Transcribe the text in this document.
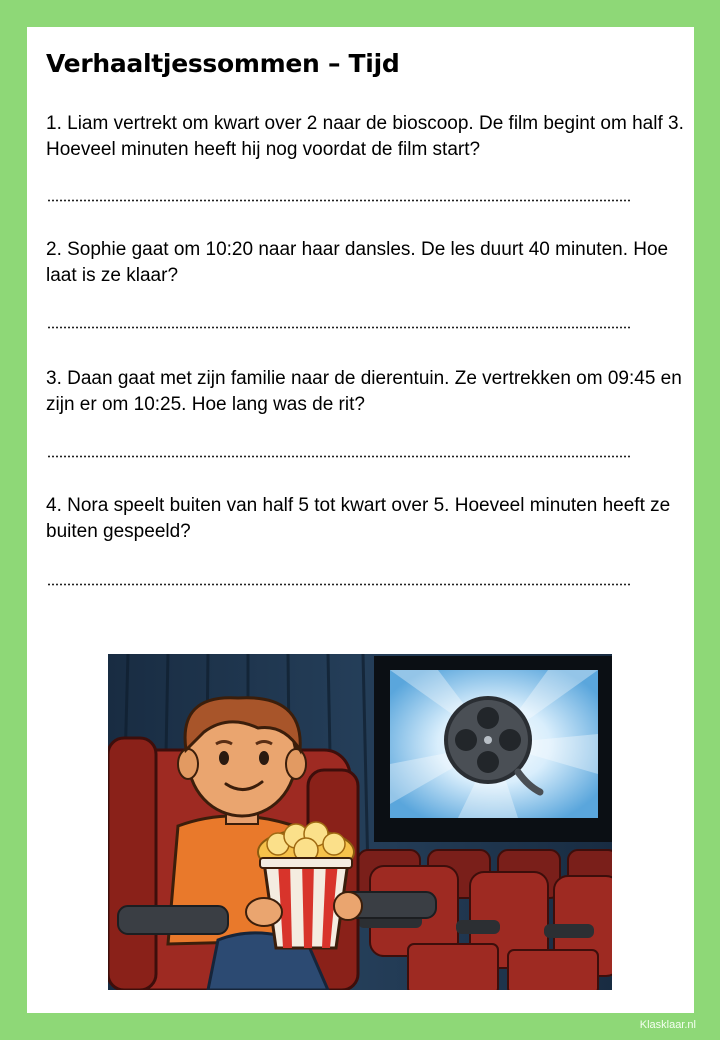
Verhaaltjessommen – Tijd

1. Liam vertrekt om kwart over 2 naar de bioscoop. De film begint om half 3. Hoeveel minuten heeft hij nog voordat de film start?

2. Sophie gaat om 10:20 naar haar dansles. De les duurt 40 minuten. Hoe laat is ze klaar?

3. Daan gaat met zijn familie naar de dierentuin. Ze vertrekken om 09:45 en zijn er om 10:25. Hoe lang was de rit?

4. Nora speelt buiten van half 5 tot kwart over 5. Hoeveel minuten heeft ze buiten gespeeld?

Klasklaar.nl
